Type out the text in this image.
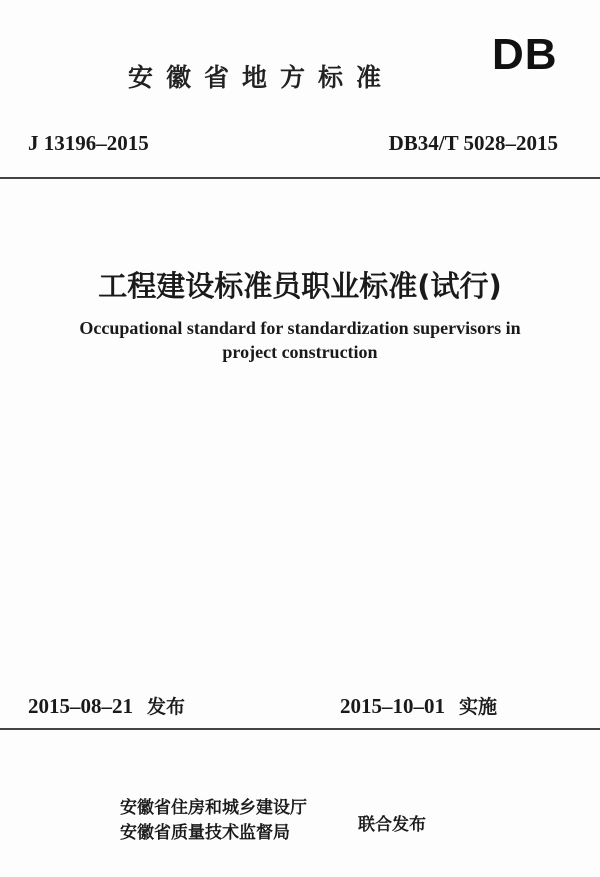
安徽省地方标准 DB
J 13196–2015	DB34/T 5028–2015
工程建设标准员职业标准(试行)
Occupational standard for standardization supervisors in
project construction
2015–08–21 发布	2015–10–01 实施
安徽省住房和城乡建设厅
安徽省质量技术监督局	联合发布
